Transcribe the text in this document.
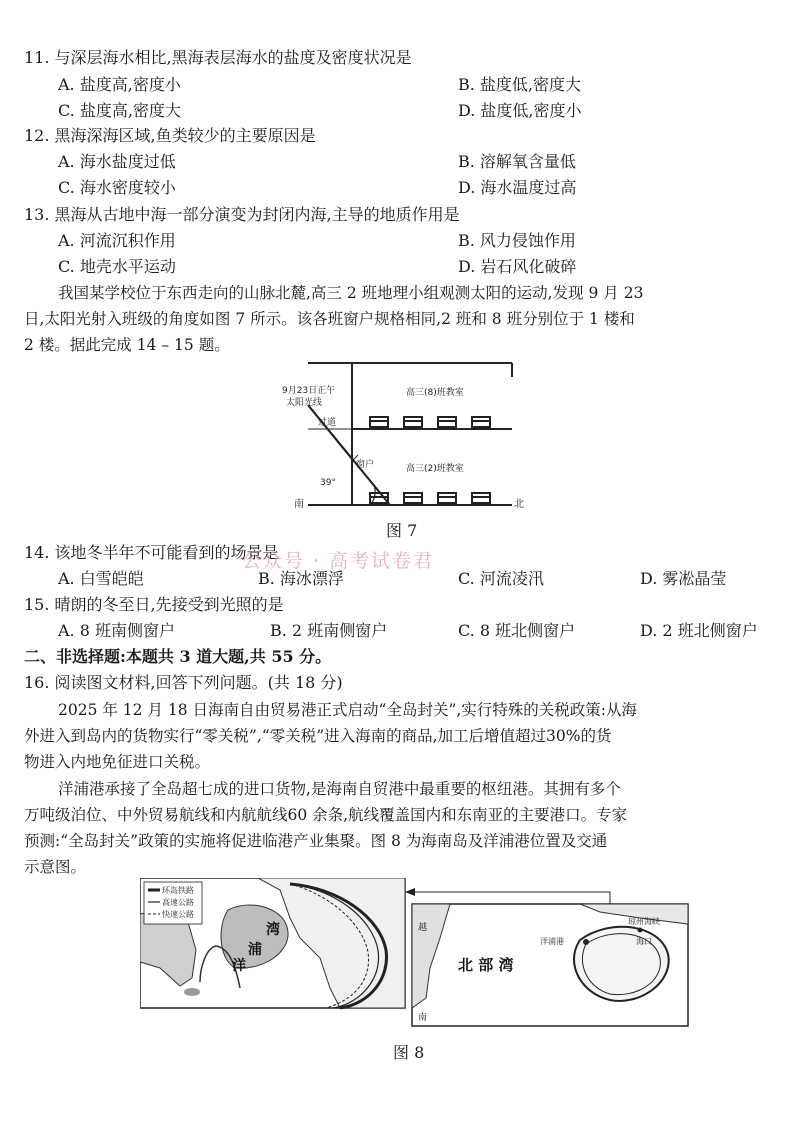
11. 与深层海水相比,黑海表层海水的盐度及密度状况是
A. 盐度高,密度小	B. 盐度低,密度大
C. 盐度高,密度大	D. 盐度低,密度小
12. 黑海深海区域,鱼类较少的主要原因是
A. 海水盐度过低	B. 溶解氧含量低
C. 海水密度较小	D. 海水温度过高
13. 黑海从古地中海一部分演变为封闭内海,主导的地质作用是
A. 河流沉积作用	B. 风力侵蚀作用
C. 地壳水平运动	D. 岩石风化破碎
我国某学校位于东西走向的山脉北麓,高三 2 班地理小组观测太阳的运动,发现 9 月 23
日,太阳光射入班级的角度如图 7 所示。该各班窗户规格相同,2 班和 8 班分别位于 1 楼和
2 楼。据此完成 14 – 15 题。
9月23日正午
太阳光线
高三(8)班教室
过道
窗户	高三(2)班教室
39°
南	北
图 7
14. 该地冬半年不可能看到的场景是
公众号 · 高考试卷君
A. 白雪皑皑	B. 海冰漂浮	C. 河流凌汛	D. 雾凇晶莹
15. 晴朗的冬至日,先接受到光照的是
A. 8 班南侧窗户	B. 2 班南侧窗户	C. 8 班北侧窗户	D. 2 班北侧窗户
二、非选择题:本题共 3 道大题,共 55 分。
16. 阅读图文材料,回答下列问题。(共 18 分)
2025 年 12 月 18 日海南自由贸易港正式启动“全岛封关”,实行特殊的关税政策:从海
外进入到岛内的货物实行“零关税”,“零关税”进入海南的商品,加工后增值超过30%的货
物进入内地免征进口关税。
洋浦港承接了全岛超七成的进口货物,是海南自贸港中最重要的枢纽港。其拥有多个
万吨级泊位、中外贸易航线和内航航线60 余条,航线覆盖国内和东南亚的主要港口。专家
预测:“全岛封关”政策的实施将促进临港产业集聚。图 8 为海南岛及洋浦港位置及交通
示意图。
环岛铁路
高速公路
快速公路
洋
浦
湾	越
南
北 部 湾
洋浦港
琼州海峡
海口
图 8
